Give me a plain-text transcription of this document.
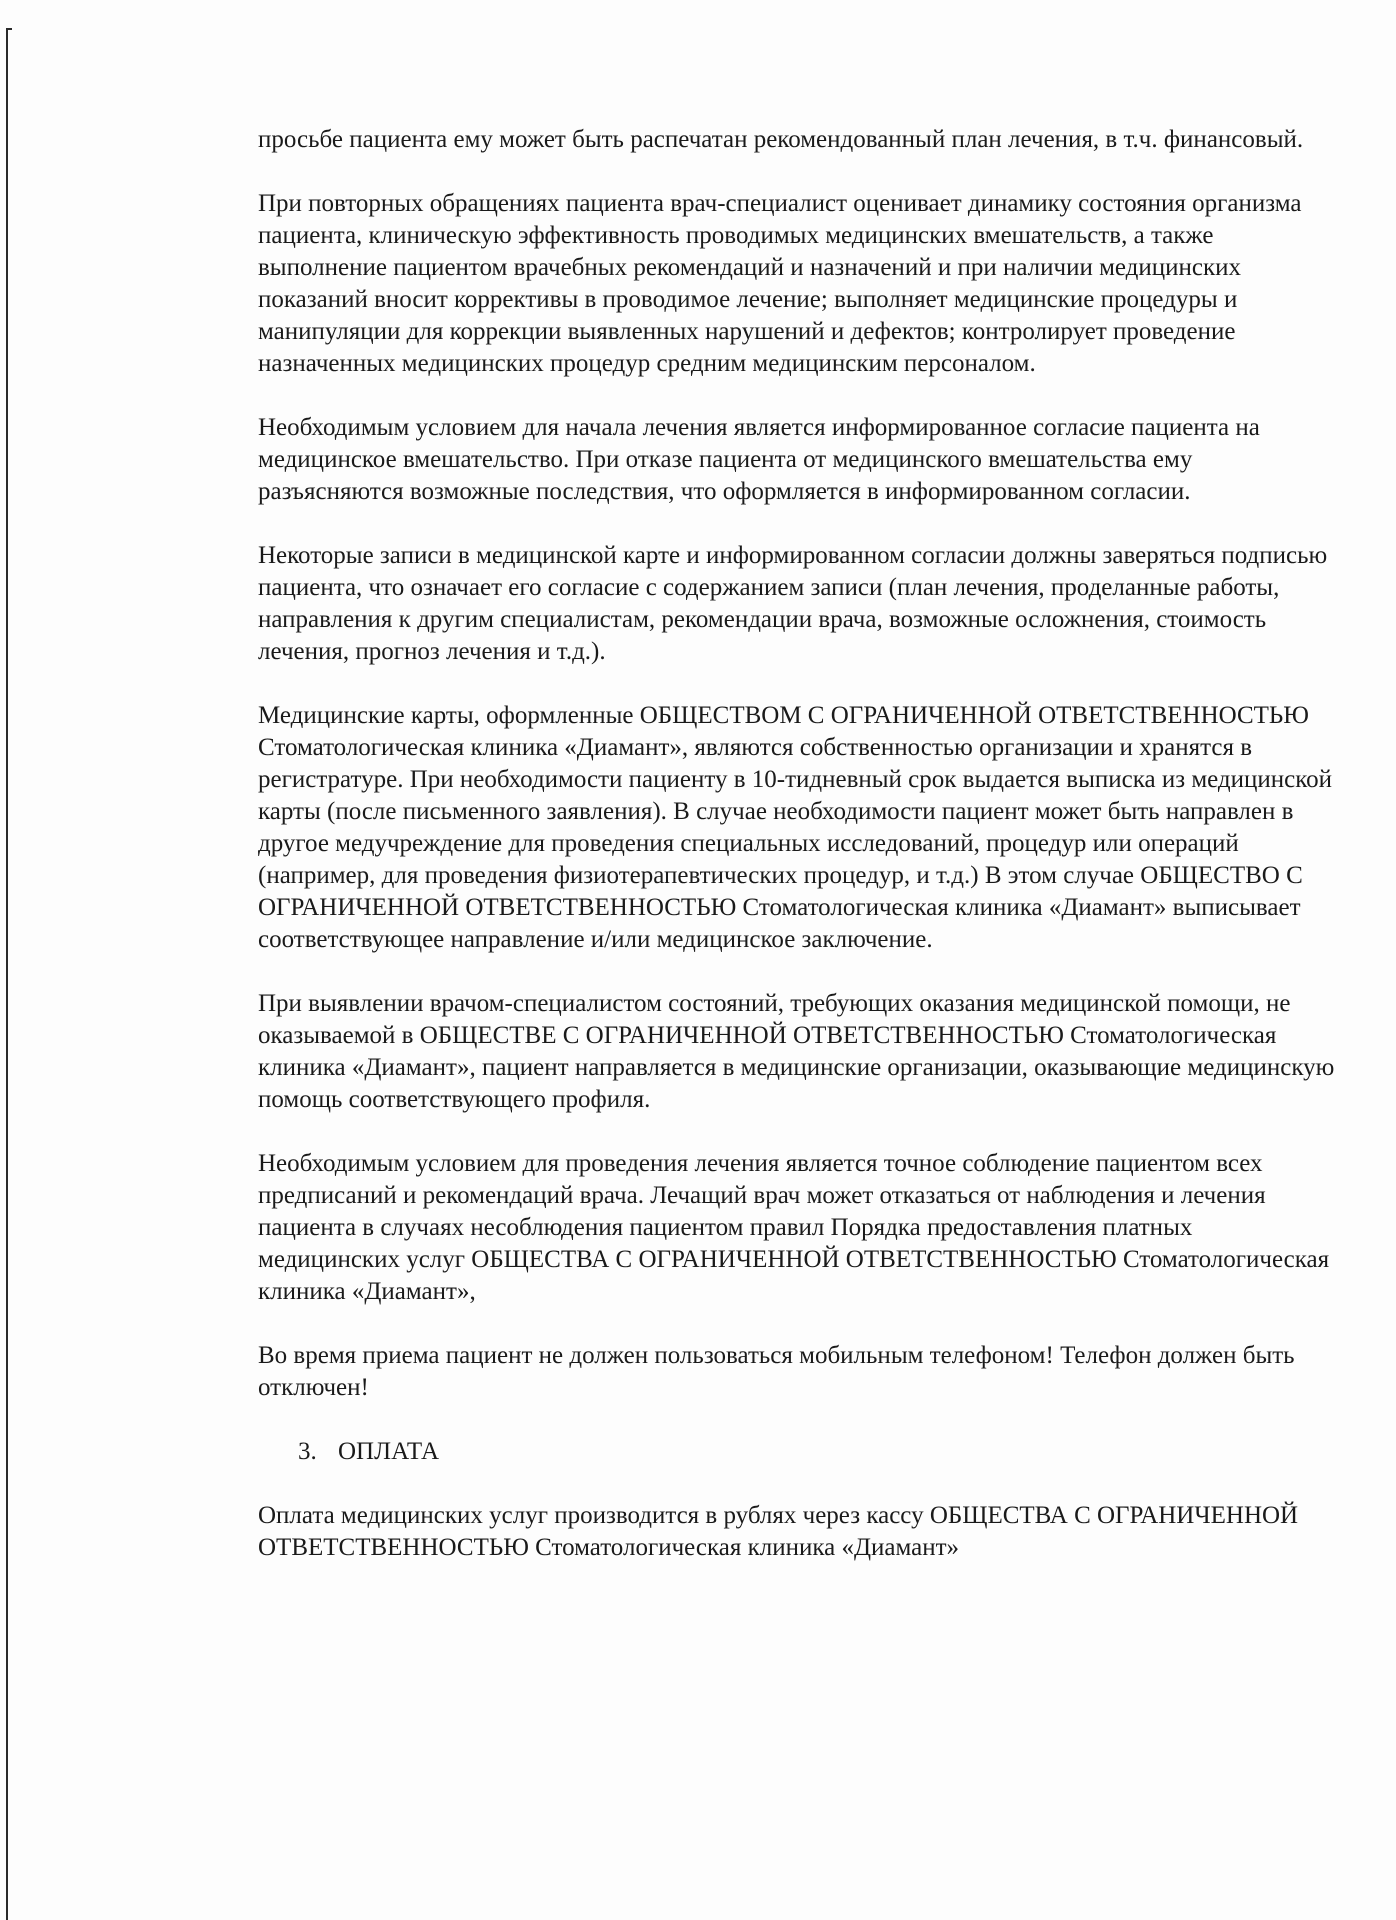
просьбе пациента ему может быть распечатан рекомендованный план лечения, в т.ч. финансовый.

При повторных обращениях пациента врач-специалист оценивает динамику состояния организма пациента, клиническую эффективность проводимых медицинских вмешательств, а также выполнение пациентом врачебных рекомендаций и назначений и при наличии медицинских показаний вносит коррективы в проводимое лечение; выполняет медицинские процедуры и манипуляции для коррекции выявленных нарушений и дефектов; контролирует проведение назначенных медицинских процедур средним медицинским персоналом.

Необходимым условием для начала лечения является информированное согласие пациента на медицинское вмешательство. При отказе пациента от медицинского вмешательства ему разъясняются возможные последствия, что оформляется в информированном согласии.

Некоторые записи в медицинской карте и информированном согласии должны заверяться подписью пациента, что означает его согласие с содержанием записи (план лечения, проделанные работы, направления к другим специалистам, рекомендации врача, возможные осложнения, стоимость лечения, прогноз лечения и т.д.).

Медицинские карты, оформленные ОБЩЕСТВОМ С ОГРАНИЧЕННОЙ ОТВЕТСТВЕННОСТЬЮ Стоматологическая клиника «Диамант», являются собственностью организации и хранятся в регистратуре. При необходимости пациенту в 10-тидневный срок выдается выписка из медицинской карты (после письменного заявления). В случае необходимости пациент может быть направлен в другое медучреждение для проведения специальных исследований, процедур или операций (например, для проведения физиотерапевтических процедур, и т.д.) В этом случае ОБЩЕСТВО С ОГРАНИЧЕННОЙ ОТВЕТСТВЕННОСТЬЮ Стоматологическая клиника «Диамант» выписывает соответствующее направление и/или медицинское заключение.

При выявлении врачом-специалистом состояний, требующих оказания медицинской помощи, не оказываемой в ОБЩЕСТВЕ С ОГРАНИЧЕННОЙ ОТВЕТСТВЕННОСТЬЮ Стоматологическая клиника «Диамант», пациент направляется в медицинские организации, оказывающие медицинскую помощь соответствующего профиля.

Необходимым условием для проведения лечения является точное соблюдение пациентом всех предписаний и рекомендаций врача. Лечащий врач может отказаться от наблюдения и лечения пациента в случаях несоблюдения пациентом правил Порядка предоставления платных медицинских услуг ОБЩЕСТВА С ОГРАНИЧЕННОЙ ОТВЕТСТВЕННОСТЬЮ Стоматологическая клиника «Диамант»,

Во время приема пациент не должен пользоваться мобильным телефоном! Телефон должен быть отключен!

3. ОПЛАТА

Оплата медицинских услуг производится в рублях через кассу ОБЩЕСТВА С ОГРАНИЧЕННОЙ ОТВЕТСТВЕННОСТЬЮ Стоматологическая клиника «Диамант»
